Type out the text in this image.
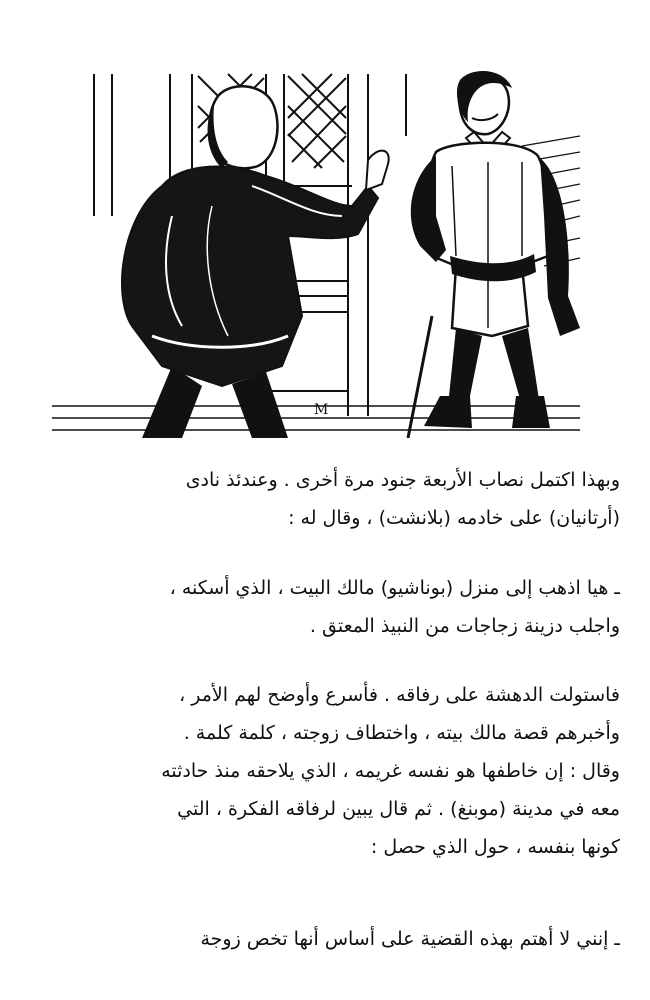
M
وبهذا اكتمل نصاب الأربعة جنود مرة أخرى . وعندئذ نادى
(أرتانيان) على خادمه (بلانشت) ، وقال له :
ـ هيا اذهب إلى منزل (بوناشيو) مالك البيت ، الذي أسكنه ،
واجلب دزينة زجاجات من النبيذ المعتق .
فاستولت الدهشة على رفاقه . فأسرع وأوضح لهم الأمر ،
وأخبرهم قصة مالك بيته ، واختطاف زوجته ، كلمة كلمة .
وقال : إن خاطفها هو نفسه غريمه ، الذي يلاحقه منذ حادثته
معه في مدينة (موبنغ) . ثم قال يبين لرفاقه الفكرة ، التي
كونها بنفسه ، حول الذي حصل :
ـ إنني لا أهتم بهذه القضية على أساس أنها تخص زوجة
